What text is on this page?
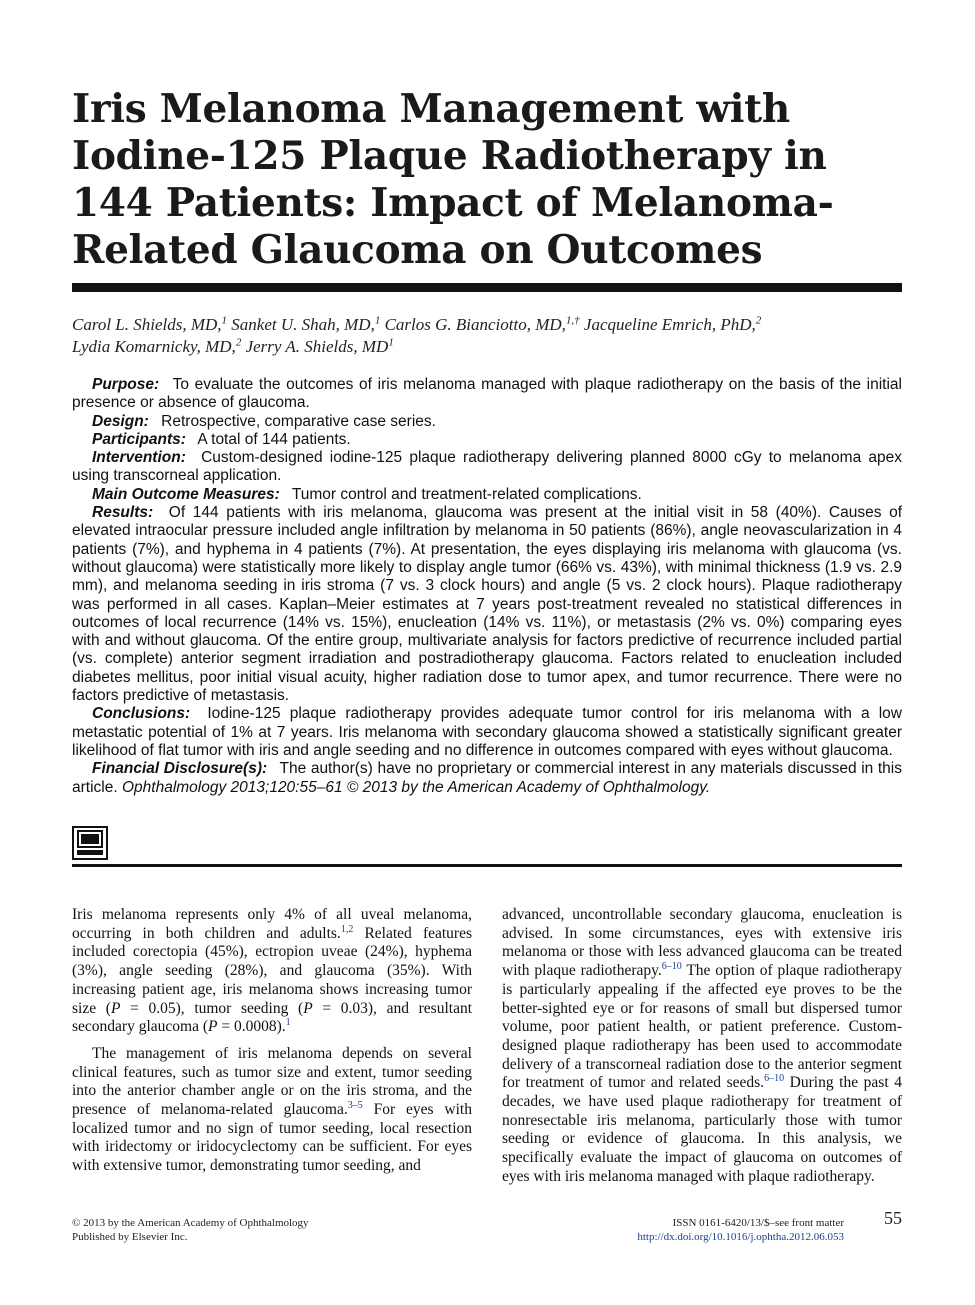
Iris Melanoma Management with Iodine-125 Plaque Radiotherapy in 144 Patients: Impact of Melanoma-Related Glaucoma on Outcomes
Carol L. Shields, MD,$^1$ Sanket U. Shah, MD,$^1$ Carlos G. Bianciotto, MD,$^{1,\dagger}$ Jacqueline Emrich, PhD,$^2$
Lydia Komarnicky, MD,$^2$ Jerry A. Shields, $MD^1$

Purpose: To evaluate the outcomes of iris melanoma managed with plaque radiotherapy on the basis of the initial presence or absence of glaucoma.

Design: Retrospective, comparative case series.

Participants: A total of 144 patients.

Intervention: Custom-designed iodine-125 plaque radiotherapy delivering planned 8000 cGy to melanoma apex using transcorneal application.

Main Outcome Measures: Tumor control and treatment-related complications.

Results: Of 144 patients with iris melanoma, glaucoma was present at the initial visit in 58 (40%). Causes of elevated intraocular pressure included angle infiltration by melanoma in 50 patients (86%), angle neovascularization in 4 patients (7%), and hyphema in 4 patients (7%). At presentation, the eyes displaying iris melanoma with glaucoma (vs. without glaucoma) were statistically more likely to display angle tumor (66% vs. 43%), with minimal thickness (1.9 vs. 2.9 mm), and melanoma seeding in iris stroma (7 vs. 3 clock hours) and angle (5 vs. 2 clock hours). Plaque radiotherapy was performed in all cases. Kaplan–Meier estimates at 7 years post-treatment revealed no statistical differences in outcomes of local recurrence (14% vs. 15%), enucleation (14% vs. 11%), or metastasis (2% vs. 0%) comparing eyes with and without glaucoma. Of the entire group, multivariate analysis for factors predictive of recurrence included partial (vs. complete) anterior segment irradiation and postradiotherapy glaucoma. Factors related to enucleation included diabetes mellitus, poor initial visual acuity, higher radiation dose to tumor apex, and tumor recurrence. There were no factors predictive of metastasis.

Conclusions: Iodine-125 plaque radiotherapy provides adequate tumor control for iris melanoma with a low metastatic potential of 1% at 7 years. Iris melanoma with secondary glaucoma showed a statistically significant greater likelihood of flat tumor with iris and angle seeding and no difference in outcomes compared with eyes without glaucoma.

Financial Disclosure(s): The author(s) have no proprietary or commercial interest in any materials discussed in this article. Ophthalmology 2013;120:55–61 © 2013 by the American Academy of Ophthalmology.

Iris melanoma represents only 4% of all uveal melanoma, occurring in both children and adults.$^{1,2}$ Related features included corectopia (45%), ectropion uveae (24%), hyphema (3%), angle seeding (28%), and glaucoma (35%). With increasing patient age, iris melanoma shows increasing tumor size (P = 0.05), tumor seeding (P = 0.03), and resultant secondary glaucoma (P = 0.0008).$^1$

The management of iris melanoma depends on several clinical features, such as tumor size and extent, tumor seeding into the anterior chamber angle or on the iris stroma, and the presence of melanoma-related glaucoma.$^{3-5}$ For eyes with localized tumor and no sign of tumor seeding, local resection with iridectomy or iridocyclectomy can be sufficient. For eyes with extensive tumor, demonstrating tumor seeding, and

advanced, uncontrollable secondary glaucoma, enucleation is advised. In some circumstances, eyes with extensive iris melanoma or those with less advanced glaucoma can be treated with plaque radiotherapy.$^{6-10}$ The option of plaque radiotherapy is particularly appealing if the affected eye proves to be the better-sighted eye or for reasons of small but dispersed tumor volume, poor patient health, or patient preference. Custom-designed plaque radiotherapy has been used to accommodate delivery of a transcorneal radiation dose to the anterior segment for treatment of tumor and related seeds.$^{6-10}$ During the past 4 decades, we have used plaque radiotherapy for treatment of nonresectable iris melanoma, particularly those with tumor seeding or evidence of glaucoma. In this analysis, we specifically evaluate the impact of glaucoma on outcomes of eyes with iris melanoma managed with plaque radiotherapy.

© 2013 by the American Academy of Ophthalmology
Published by Elsevier Inc.
ISSN 0161-6420/13/$–see front matter
http://dx.doi.org/10.1016/j.ophtha.2012.06.053
55
